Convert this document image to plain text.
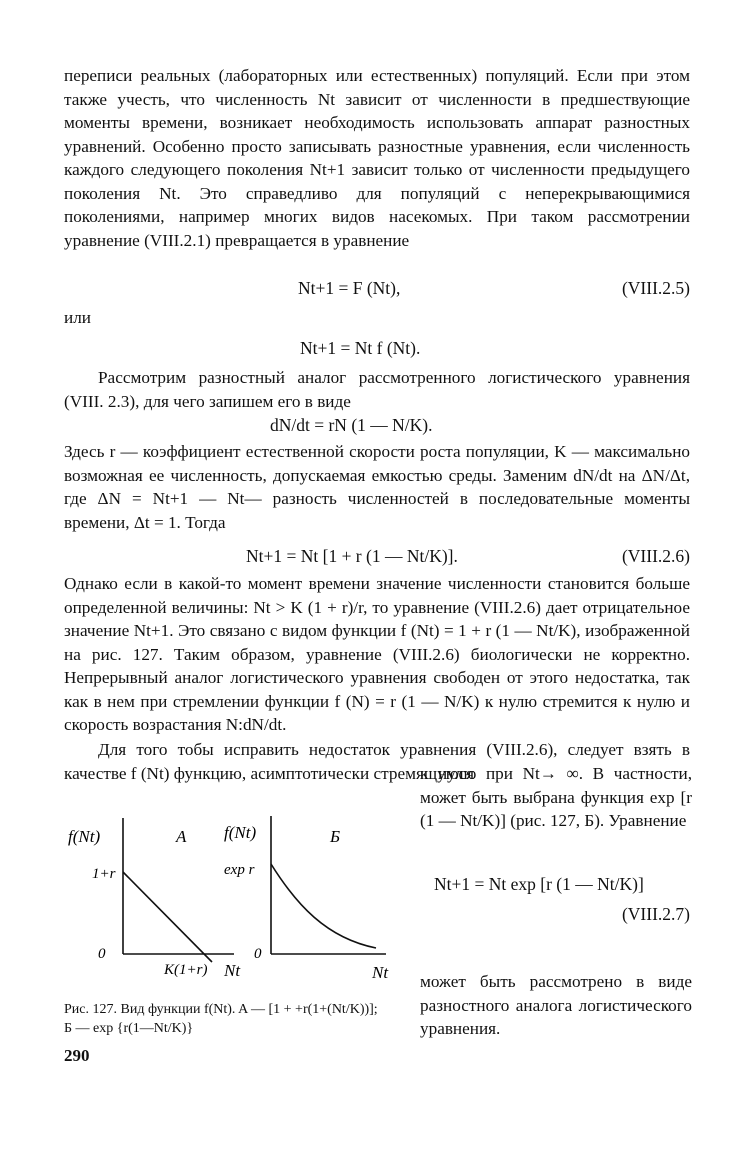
переписи реальных (лабораторных или естественных) популяций. Если при этом также учесть, что численность Nt зависит от численности в предшествующие моменты времени, возникает необходимость использовать аппарат разностных уравнений. Особенно просто записывать разностные уравнения, если численность каждого следующего поколения Nt+1 зависит только от численности предыдущего поколения Nt. Это справедливо для популяций с неперекрывающимися поколениями, например многих видов насекомых. При таком рассмотрении уравнение (VIII.2.1) превращается в уравнение

Nt+1 = F (Nt),	(VIII.2.5)
или
Nt+1 = Nt f (Nt).

Рассмотрим разностный аналог рассмотренного логистического уравнения (VIII. 2.3), для чего запишем его в виде

dN/dt = rN (1 — N/K).

Здесь r — коэффициент естественной скорости роста популяции, K — максимально возможная ее численность, допускаемая емкостью среды. Заменим dN/dt на ΔN/Δt, где ΔN = Nt+1 — Nt— разность численностей в последовательные моменты времени, Δt = 1. Тогда

Nt+1 = Nt [1 + r (1 — Nt/K)].	(VIII.2.6)

Однако если в какой-то момент времени значение численности становится больше определенной величины: Nt > K (1 + r)/r, то уравнение (VIII.2.6) дает отрицательное значение Nt+1. Это связано с видом функции f (Nt) = 1 + r (1 — Nt/K), изображенной на рис. 127. Таким образом, уравнение (VIII.2.6) биологически не корректно. Непрерывный аналог логистического уравнения свободен от этого недостатка, так как в нем при стремлении функции f (N) = r (1 — N/K) к нулю стремится к нулю и скорость возрастания N:dN/dt.

Для того тобы исправить недостаток уравнения (VIII.2.6), следует взять в качестве f (Nt) функцию, асимптотически стремящуюся

f(Nt)	A
1+r
0
K(1+r) Nt
f(Nt)	Б
exp r
0
Nt

к нулю при Nt→ ∞. В частности, может быть выбрана функция exp [r (1 — Nt/K)] (рис. 127, Б). Уравнение

Nt+1 = Nt exp [r (1 — Nt/K)]
(VIII.2.7)

может быть рассмотрено в виде разностного аналога логистического уравнения.

Рис. 127. Вид функции f(Nt). A — [1 + +r(1+(Nt/K))]; Б — exp {r(1—Nt/K)}

290
